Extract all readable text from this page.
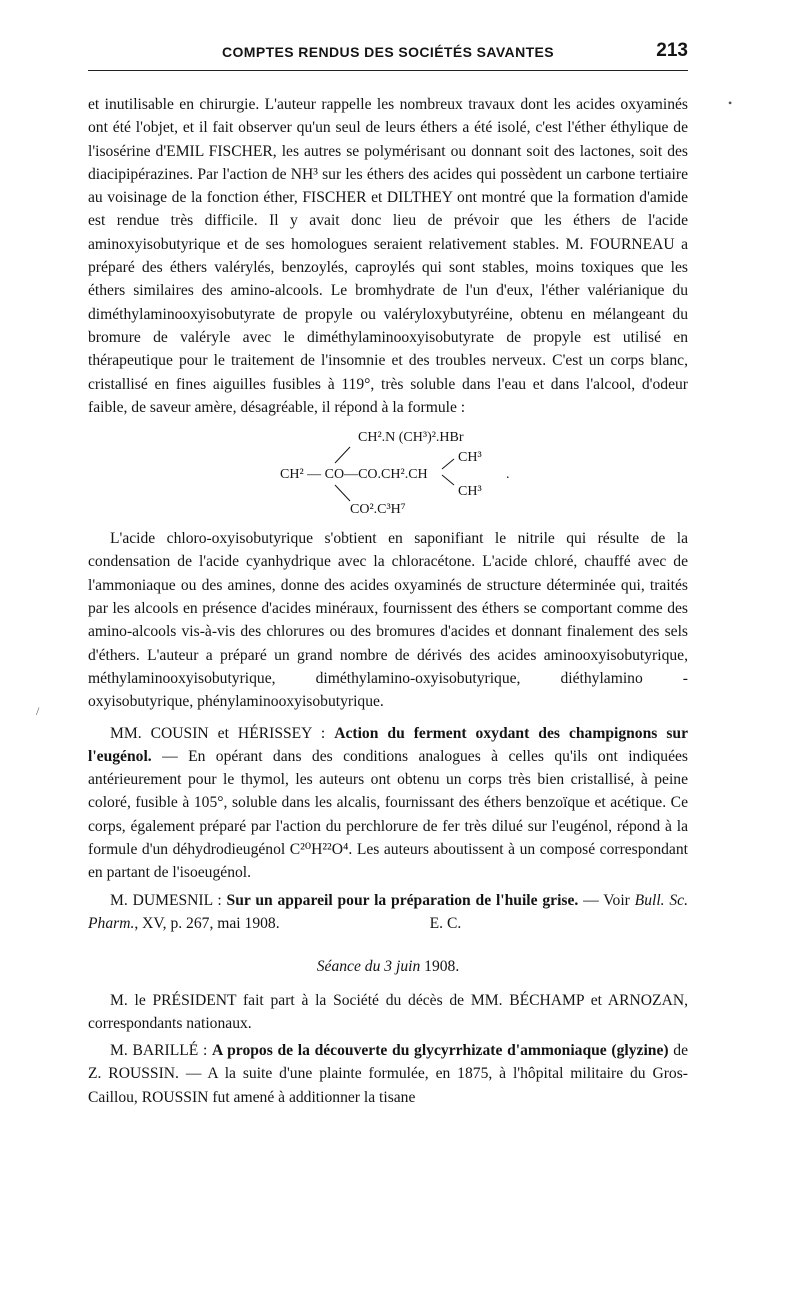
COMPTES RENDUS DES SOCIÉTÉS SAVANTES	213

et inutilisable en chirurgie. L'auteur rappelle les nombreux travaux dont les acides oxyaminés ont été l'objet, et il fait observer qu'un seul de leurs éthers a été isolé, c'est l'éther éthylique de l'isosérine d'EMIL FISCHER, les autres se polymérisant ou donnant soit des lactones, soit des diacipipérazines. Par l'action de NH³ sur les éthers des acides qui possèdent un carbone tertiaire au voisinage de la fonction éther, FISCHER et DILTHEY ont montré que la formation d'amide est rendue très difficile. Il y avait donc lieu de prévoir que les éthers de l'acide aminoxyisobutyrique et de ses homologues seraient relativement stables. M. FOURNEAU a préparé des éthers valérylés, benzoylés, caproylés qui sont stables, moins toxiques que les éthers similaires des amino-alcools. Le bromhydrate de l'un d'eux, l'éther valérianique du diméthylaminooxyisobutyrate de propyle ou valéryloxybutyréine, obtenu en mélangeant du bromure de valéryle avec le diméthylaminooxyisobutyrate de propyle est utilisé en thérapeutique pour le traitement de l'insomnie et des troubles nerveux. C'est un corps blanc, cristallisé en fines aiguilles fusibles à 119°, très soluble dans l'eau et dans l'alcool, d'odeur faible, de saveur amère, désagréable, il répond à la formule :

CH².N (CH³)².HBr
CH³
CH² — CO—CO.CH².CH	.
CH³
CO².C³H⁷

L'acide chloro-oxyisobutyrique s'obtient en saponifiant le nitrile qui résulte de la condensation de l'acide cyanhydrique avec la chloracétone. L'acide chloré, chauffé avec de l'ammoniaque ou des amines, donne des acides oxyaminés de structure déterminée qui, traités par les alcools en présence d'acides minéraux, fournissent des éthers se comportant comme des amino-alcools vis-à-vis des chlorures ou des bromures d'acides et donnant finalement des sels d'éthers. L'auteur a préparé un grand nombre de dérivés des acides aminooxyisobutyrique, méthylaminooxyisobutyrique, diméthylamino-oxyisobutyrique, diéthylamino - oxyisobutyrique, phénylaminooxyisobutyrique.

MM. COUSIN et HÉRISSEY : Action du ferment oxydant des champignons sur l'eugénol. — En opérant dans des conditions analogues à celles qu'ils ont indiquées antérieurement pour le thymol, les auteurs ont obtenu un corps très bien cristallisé, à peine coloré, fusible à 105°, soluble dans les alcalis, fournissant des éthers benzoïque et acétique. Ce corps, également préparé par l'action du perchlorure de fer très dilué sur l'eugénol, répond à la formule d'un déhydrodieugénol C²⁰H²²O⁴. Les auteurs aboutissent à un composé correspondant en partant de l'isoeugénol.

M. DUMESNIL : Sur un appareil pour la préparation de l'huile grise. — Voir Bull. Sc. Pharm., XV, p. 267, mai 1908.	E. C.

Séance du 3 juin 1908.

M. le PRÉSIDENT fait part à la Société du décès de MM. BÉCHAMP et ARNOZAN, correspondants nationaux.

M. BARILLÉ : A propos de la découverte du glycyrrhizate d'ammoniaque (glyzine) de Z. ROUSSIN. — A la suite d'une plainte formulée, en 1875, à l'hôpital militaire du Gros-Caillou, ROUSSIN fut amené à additionner la tisane

•
/
